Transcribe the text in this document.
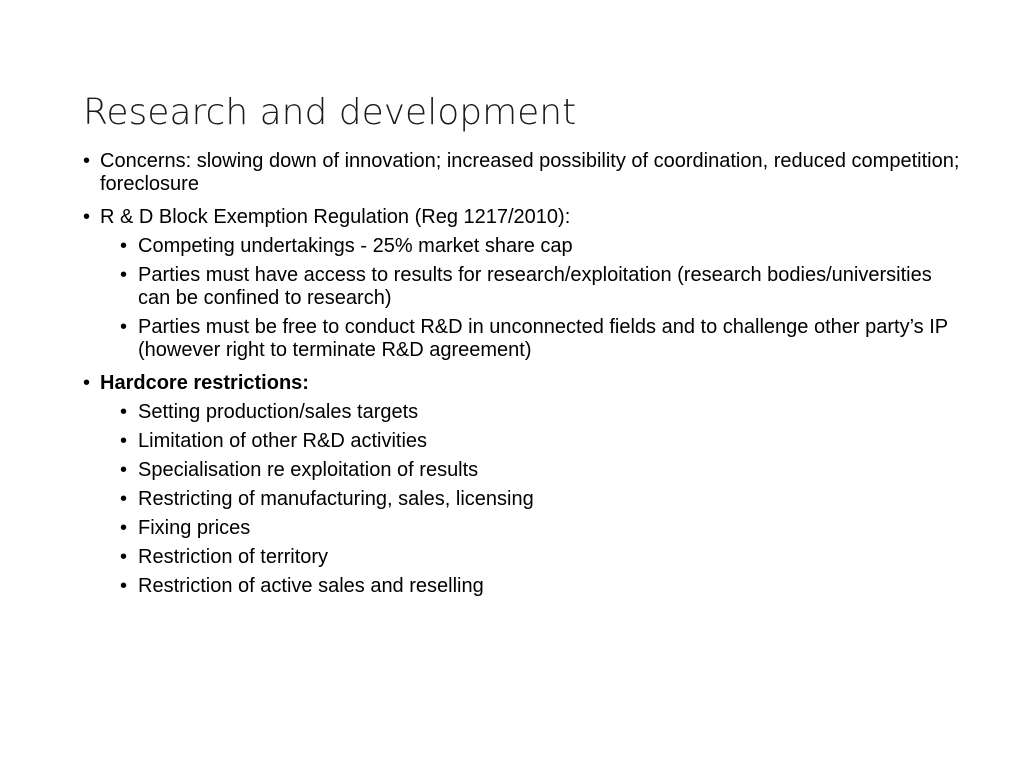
Research and development

• Concerns: slowing down of innovation; increased possibility of coordination, reduced competition; foreclosure

• R & D Block Exemption Regulation (Reg 1217/2010):

• Competing undertakings - 25% market share cap

• Parties must have access to results for research/exploitation (research bodies/universities can be confined to research)

• Parties must be free to conduct R&D in unconnected fields and to challenge other party’s IP (however right to terminate R&D agreement)

• Hardcore restrictions:

• Setting production/sales targets

• Limitation of other R&D activities

• Specialisation re exploitation of results

• Restricting of manufacturing, sales, licensing

• Fixing prices

• Restriction of territory

• Restriction of active sales and reselling
